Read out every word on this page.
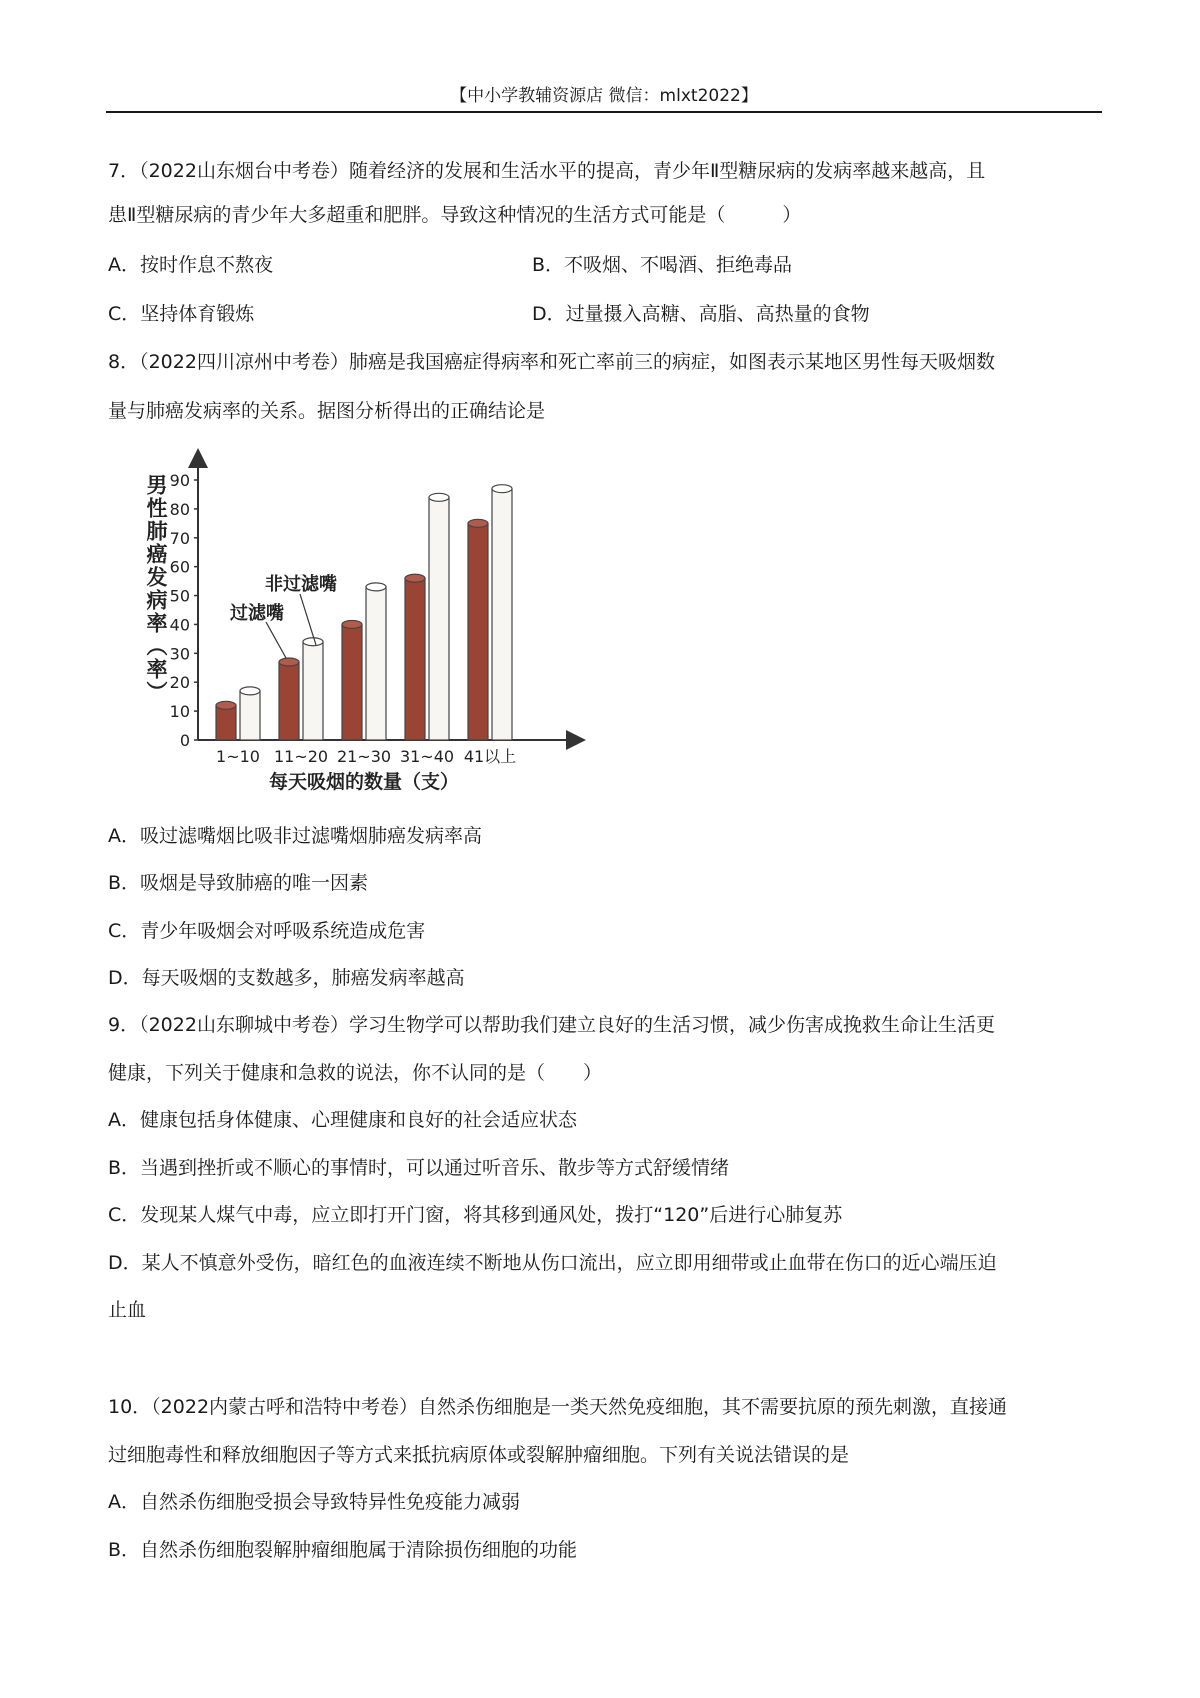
【中小学教辅资源店 微信：mlxt2022】
7．（2022山东烟台中考卷）随着经济的发展和生活水平的提高，青少年Ⅱ型糖尿病的发病率越来越高，且
患Ⅱ型糖尿病的青少年大多超重和肥胖。导致这种情况的生活方式可能是（　　　）
A．按时作息不熬夜	B．不吸烟、不喝酒、拒绝毒品
C．坚持体育锻炼	D．过量摄入高糖、高脂、高热量的食物
8．（2022四川凉州中考卷）肺癌是我国癌症得病率和死亡率前三的病症，如图表示某地区男性每天吸烟数
量与肺癌发病率的关系。据图分析得出的正确结论是
男性肺癌发病率（率）
0
10
20
30
40
50
60
70
80
90
1~10 11~20 21~30 31~40 41以上
非过滤嘴
过滤嘴
每天吸烟的数量（支）
A．吸过滤嘴烟比吸非过滤嘴烟肺癌发病率高
B．吸烟是导致肺癌的唯一因素
C．青少年吸烟会对呼吸系统造成危害
D．每天吸烟的支数越多，肺癌发病率越高
9．（2022山东聊城中考卷）学习生物学可以帮助我们建立良好的生活习惯，减少伤害成挽救生命让生活更
健康，下列关于健康和急救的说法，你不认同的是（　　）
A．健康包括身体健康、心理健康和良好的社会适应状态
B．当遇到挫折或不顺心的事情时，可以通过听音乐、散步等方式舒缓情绪
C．发现某人煤气中毒，应立即打开门窗，将其移到通风处，拨打“120”后进行心肺复苏
D．某人不慎意外受伤，暗红色的血液连续不断地从伤口流出，应立即用细带或止血带在伤口的近心端压迫
止血
10．（2022内蒙古呼和浩特中考卷）自然杀伤细胞是一类天然免疫细胞，其不需要抗原的预先刺激，直接通
过细胞毒性和释放细胞因子等方式来抵抗病原体或裂解肿瘤细胞。下列有关说法错误的是
A．自然杀伤细胞受损会导致特异性免疫能力减弱
B．自然杀伤细胞裂解肿瘤细胞属于清除损伤细胞的功能
